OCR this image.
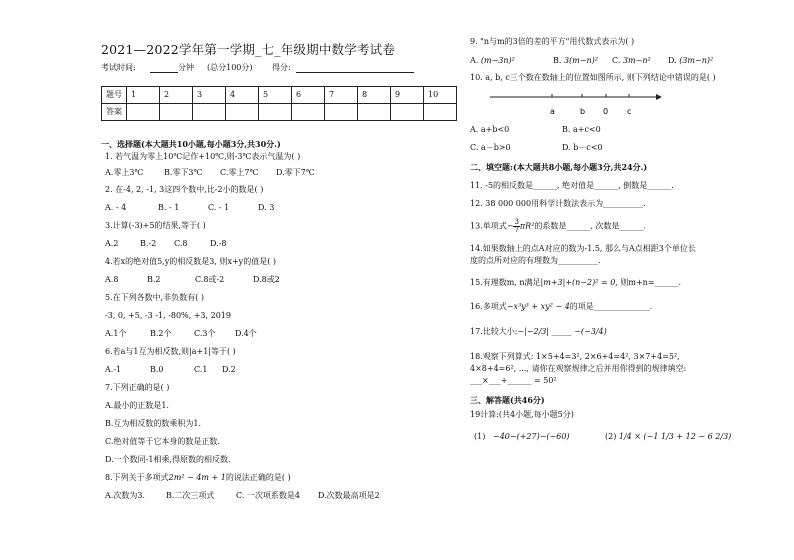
2021—2022学年第一学期_七_年级期中数学考试卷
考试时间:	分钟 (总分100分) 得分:
题号	1	2	3	4	5	6	7	8	9	10
答案										
一、选择题(本大题共10小题,每小题3分,共30分.)
1. 若气温为零上10℃记作+10℃,则-3℃表示气温为( )
A.零上3℃	B.零下3℃ C.零上7℃ D.零下7℃
2. 在-4, 2, -1, 3这四个数中,比-2小的数是( )
A. - 4	B. - 1	C. - 1	D. 3
3.计算(-3)+5的结果,等于( )
A.2	B.-2 C.8	D.-8
4.若x的绝对值5,y的相反数是3, 则x+y的值是( )
A.8	B.2	C.8或-2	D.8或2
5.在下列各数中,非负数有( )
-3, 0, +5, -3 -1, -80%, +3, 2019
A.1个	B.2个	C.3个 D.4个
6.若a与1互为相反数,则|a+1|等于( )
A.-1	B.0	C.1 D.2
7.下列正确的是( )
A.最小的正数是1.
B.互为相反数的数乘积为1.
C.绝对值等于它本身的数是正数.
D.一个数同-1相乘,得原数的相反数.
8.下列关于多项式2m² − 4m + 1的说法正确的是( )
A.次数为3.	B.二次三项式	C. 一次项系数是4 D.次数最高项是2
9. "n与m的3倍的差的平方"用代数式表示为( )
A. (m−3n)²	B. 3(m−n)² C. 3m−n² D. (3m−n)²
10. a, b, c三个数在数轴上的位置如图所示, 则下列结论中错误的是( )
a	b 0 c
A. a+b<0	B. a+c<0
C. a－b>0	D. b－c<0
二、填空题:(本大题共8小题,每小题3分,共24分.)
11. -5的相反数是______, 绝对值是______, 倒数是______.
12. 38 000 000用科学计数法表示为__________.
13.单项式− $\frac{3}{7} \pi R^2$的系数是______, 次数是______.
14.如果数轴上的点A对应的数为-1.5, 那么与A点相距3个单位长
度的点所对应的有理数为__________.
15.有理数m, n满足|m+3|+(n−2)² = 0, 则m+n=______.
16.多项式−x³y³ + xy² − 4的项是______________.
17.比较大小:−|−2/3| _____ −(−3/4)
18.观察下列算式: 1×5+4=3², 2×6+4=4², 3×7+4=5²,
4×8+4=6², ..., 请你在观察规律之后并用你得到的规律填空:
___×___+______ = 50²
三、解答题(共46分)
19计算:(共4小题,每小题5分)
(1) −40−(+27)−(−60)	(2) 1/4 × (−1 1/3 + 12 − 6 2/3)
